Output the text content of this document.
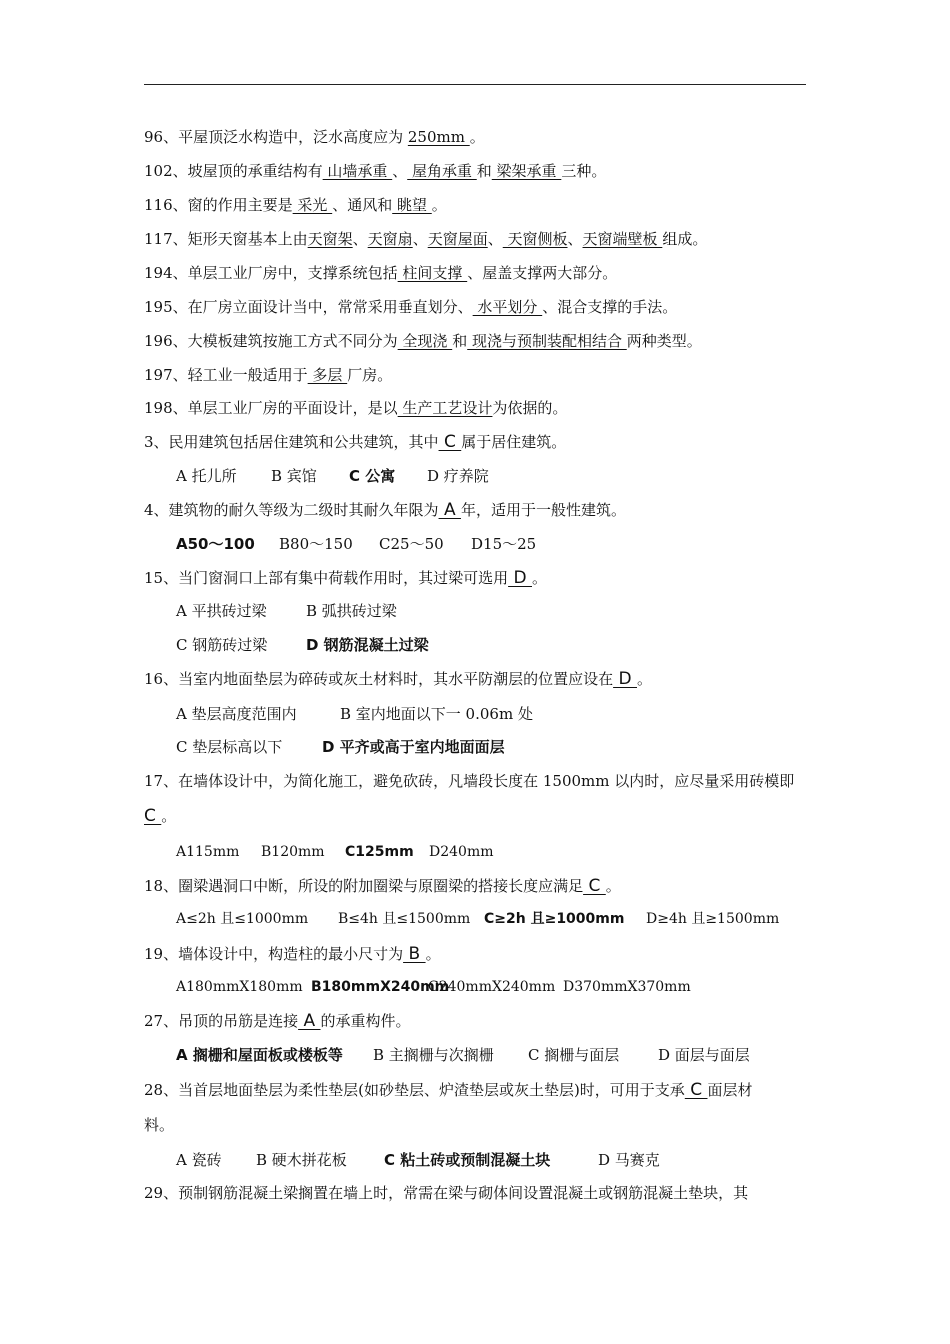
96、平屋顶泛水构造中，泛水高度应为 250mm 。
102、坡屋顶的承重结构有 山墙承重 、 屋角承重 和 梁架承重 三种。
116、窗的作用主要是 采光 、通风和 眺望 。
117、矩形天窗基本上由天窗架、天窗扇、天窗屋面、 天窗侧板、天窗端壁板 组成。
194、单层工业厂房中，支撑系统包括 柱间支撑 、屋盖支撑两大部分。
195、在厂房立面设计当中，常常采用垂直划分、 水平划分 、混合支撑的手法。
196、大模板建筑按施工方式不同分为 全现浇 和 现浇与预制装配相结合 两种类型。
197、轻工业一般适用于 多层 厂房。
198、单层工业厂房的平面设计，是以 生产工艺设计为依据的。
3、民用建筑包括居住建筑和公共建筑，其中 C 属于居住建筑。
A 托儿所 B 宾馆 C 公寓 D 疗养院
4、建筑物的耐久等级为二级时其耐久年限为 A 年，适用于一般性建筑。
A50～100 B80～150 C25～50 D15～25
15、当门窗洞口上部有集中荷载作用时，其过梁可选用 D 。
A 平拱砖过梁	B 弧拱砖过梁
C 钢筋砖过梁	D 钢筋混凝土过梁
16、当室内地面垫层为碎砖或灰土材料时，其水平防潮层的位置应设在 D 。
A 垫层高度范围内	B 室内地面以下一 0.06m 处
C 垫层标高以下	D 平齐或高于室内地面面层
17、在墙体设计中，为简化施工，避免砍砖，凡墙段长度在 1500mm 以内时，应尽量采用砖模即
C 。
A115mm B120mm C125mm D240mm
18、圈梁遇洞口中断，所设的附加圈梁与原圈梁的搭接长度应满足 C 。
A≤2h 且≤1000mm B≤4h 且≤1500mm C≥2h 且≥1000mm D≥4h 且≥1500mm
19、墙体设计中，构造柱的最小尺寸为 B 。
A180mmX180mm B180mmX240mmC240mmX240mm D370mmX370mm
27、吊顶的吊筋是连接 A 的承重构件。
A 搁栅和屋面板或楼板等 B 主搁栅与次搁栅 C 搁栅与面层	D 面层与面层
28、当首层地面垫层为柔性垫层(如砂垫层、炉渣垫层或灰土垫层)时，可用于支承 C 面层材
料。
A 瓷砖 B 硬木拼花板 C 粘土砖或预制混凝土块	D 马赛克
29、预制钢筋混凝土梁搁置在墙上时，常需在梁与砌体间设置混凝土或钢筋混凝土垫块，其
